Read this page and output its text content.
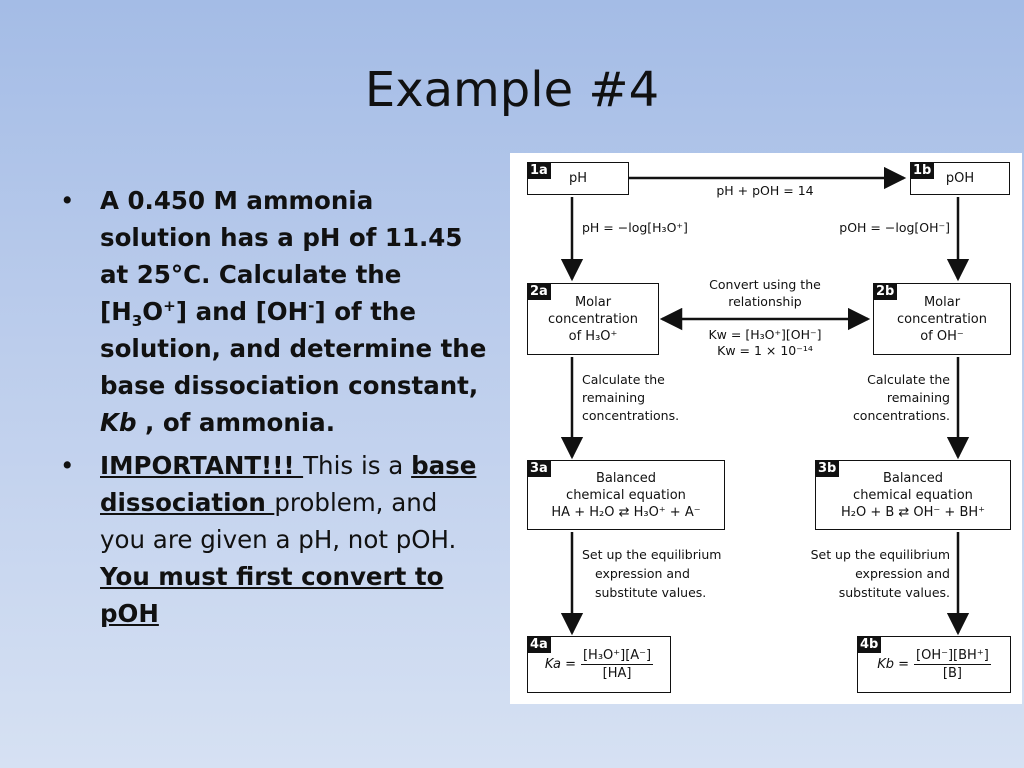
Example #4
• A 0.450 M ammonia solution has a pH of 11.45 at 25°C. Calculate the $[H_3O^+]$ and [OH-] of the solution, and determine the base dissociation constant, Kb , of ammonia.
• IMPORTANT!!! This is a base dissociation problem, and you are given a pH, not pOH. You must first convert to pOH
1a
pH
1b
pOH
pH + pOH = 14
pH = −log[H₃O⁺]	pOH = −log[OH⁻]
2a
Molar
concentration
of H₃O⁺
2b
Molar
concentration
of OH⁻
Convert using the
relationship
Kw = [H₃O⁺][OH⁻]
Kw = 1 × 10⁻¹⁴
Calculate the
remaining
concentrations.
Calculate the
remaining
concentrations.
3a
Balanced
chemical equation
HA + H₂O ⇄ H₃O⁺ + A⁻
3b
Balanced
chemical equation
H₂O + B ⇄ OH⁻ + BH⁺
Set up the equilibrium
expression and
substitute values.
Set up the equilibrium
expression and
substitute values.
4a
$Ka = \frac{\text{[H₃O⁺][A⁻]}}{[HA]}$
4b
$Kb = \frac{[OH^-][BH^+]}{[B]}$
